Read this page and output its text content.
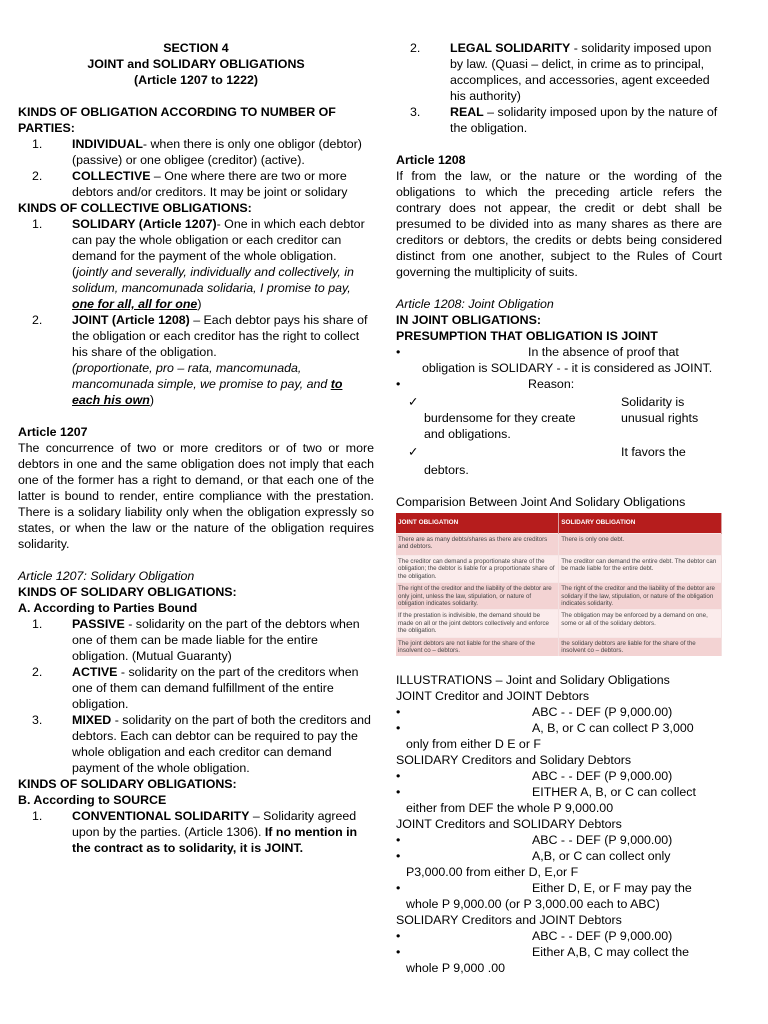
SECTION 4
JOINT and SOLIDARY OBLIGATIONS
(Article 1207 to 1222)
KINDS OF OBLIGATION ACCORDING TO NUMBER OF PARTIES:
1. INDIVIDUAL- when there is only one obligor (debtor) (passive) or one obligee (creditor) (active).
2. COLLECTIVE – One where there are two or more debtors and/or creditors. It may be joint or solidary
KINDS OF COLLECTIVE OBLIGATIONS:
1. SOLIDARY (Article 1207)- One in which each debtor can pay the whole obligation or each creditor can demand for the payment of the whole obligation. (jointly and severally, individually and collectively, in solidum, mancomunada solidaria, I promise to pay, one for all, all for one)
2. JOINT (Article 1208) – Each debtor pays his share of the obligation or each creditor has the right to collect his share of the obligation.
(proportionate, pro – rata, mancomunada, mancomunada simple, we promise to pay, and to each his own)
Article 1207
The concurrence of two or more creditors or of two or more debtors in one and the same obligation does not imply that each one of the former has a right to demand, or that each one of the latter is bound to render, entire compliance with the prestation. There is a solidary liability only when the obligation expressly so states, or when the law or the nature of the obligation requires solidarity.
Article 1207: Solidary Obligation
KINDS OF SOLIDARY OBLIGATIONS:
A. According to Parties Bound
1. PASSIVE - solidarity on the part of the debtors when one of them can be made liable for the entire obligation. (Mutual Guaranty)
2. ACTIVE - solidarity on the part of the creditors when one of them can demand fulfillment of the entire obligation.
3. MIXED - solidarity on the part of both the creditors and debtors. Each can debtor can be required to pay the whole obligation and each creditor can demand payment of the whole obligation.
KINDS OF SOLIDARY OBLIGATIONS:
B. According to SOURCE
1. CONVENTIONAL SOLIDARITY – Solidarity agreed upon by the parties. (Article 1306). If no mention in the contract as to solidarity, it is JOINT.
2. LEGAL SOLIDARITY - solidarity imposed upon by law. (Quasi – delict, in crime as to principal, accomplices, and accessories, agent exceeded his authority)
3. REAL – solidarity imposed upon by the nature of the obligation.
Article 1208
If from the law, or the nature or the wording of the obligations to which the preceding article refers the contrary does not appear, the credit or debt shall be presumed to be divided into as many shares as there are creditors or debtors, the credits or debts being considered distinct from one another, subject to the Rules of Court governing the multiplicity of suits.
Article 1208: Joint Obligation
IN JOINT OBLIGATIONS:
PRESUMPTION THAT OBLIGATION IS JOINT
•	In the absence of proof that
obligation is SOLIDARY - - it is considered as JOINT.
•	Reason:
✓	Solidarity is
burdensome for they create	unusual rights
and obligations.
✓	It favors the
debtors.
Comparision Between Joint And Solidary Obligations
JOINT OBLIGATION	SOLIDARY OBLIGATION
There are as many debts/shares as there are creditors and debtors.	There is only one debt.
The creditor can demand a proportionate share of the obligation; the debtor is liable for a proportionate share of the obligation.	The creditor can demand the entire debt. The debtor can be made liable for the entire debt.
The right of the creditor and the liability of the debtor are only joint, unless the law, stipulation, or nature of obligation indicates solidarity.	The right of the creditor and the liability of the debtor are solidary if the law, stipulation, or nature of the obligation indicates solidarity.
If the prestation is indivisible, the demand should be made on all or the joint debtors collectively and enforce the obligation.	The obligation may be enforced by a demand on one, some or all of the solidary debtors.
The joint debtors are not liable for the share of the insolvent co – debtors.	the solidary debtors are liable for the share of the insolvent co – debtors.
ILLUSTRATIONS – Joint and Solidary Obligations
JOINT Creditor and JOINT Debtors
•	ABC - - DEF (P 9,000.00)
•	A, B, or C can collect P 3,000
only from either D E or F
SOLIDARY Creditors and Solidary Debtors
•	ABC - - DEF (P 9,000.00)
•	EITHER A, B, or C can collect
either from DEF the whole P 9,000.00
JOINT Creditors and SOLIDARY Debtors
•	ABC - - DEF (P 9,000.00)
•	A,B, or C can collect only
P3,000.00 from either D, E,or F
•	Either D, E, or F may pay the
whole P 9,000.00 (or P 3,000.00 each to ABC)
SOLIDARY Creditors and JOINT Debtors
•	ABC - - DEF (P 9,000.00)
•	Either A,B, C may collect the
whole P 9,000 .00
